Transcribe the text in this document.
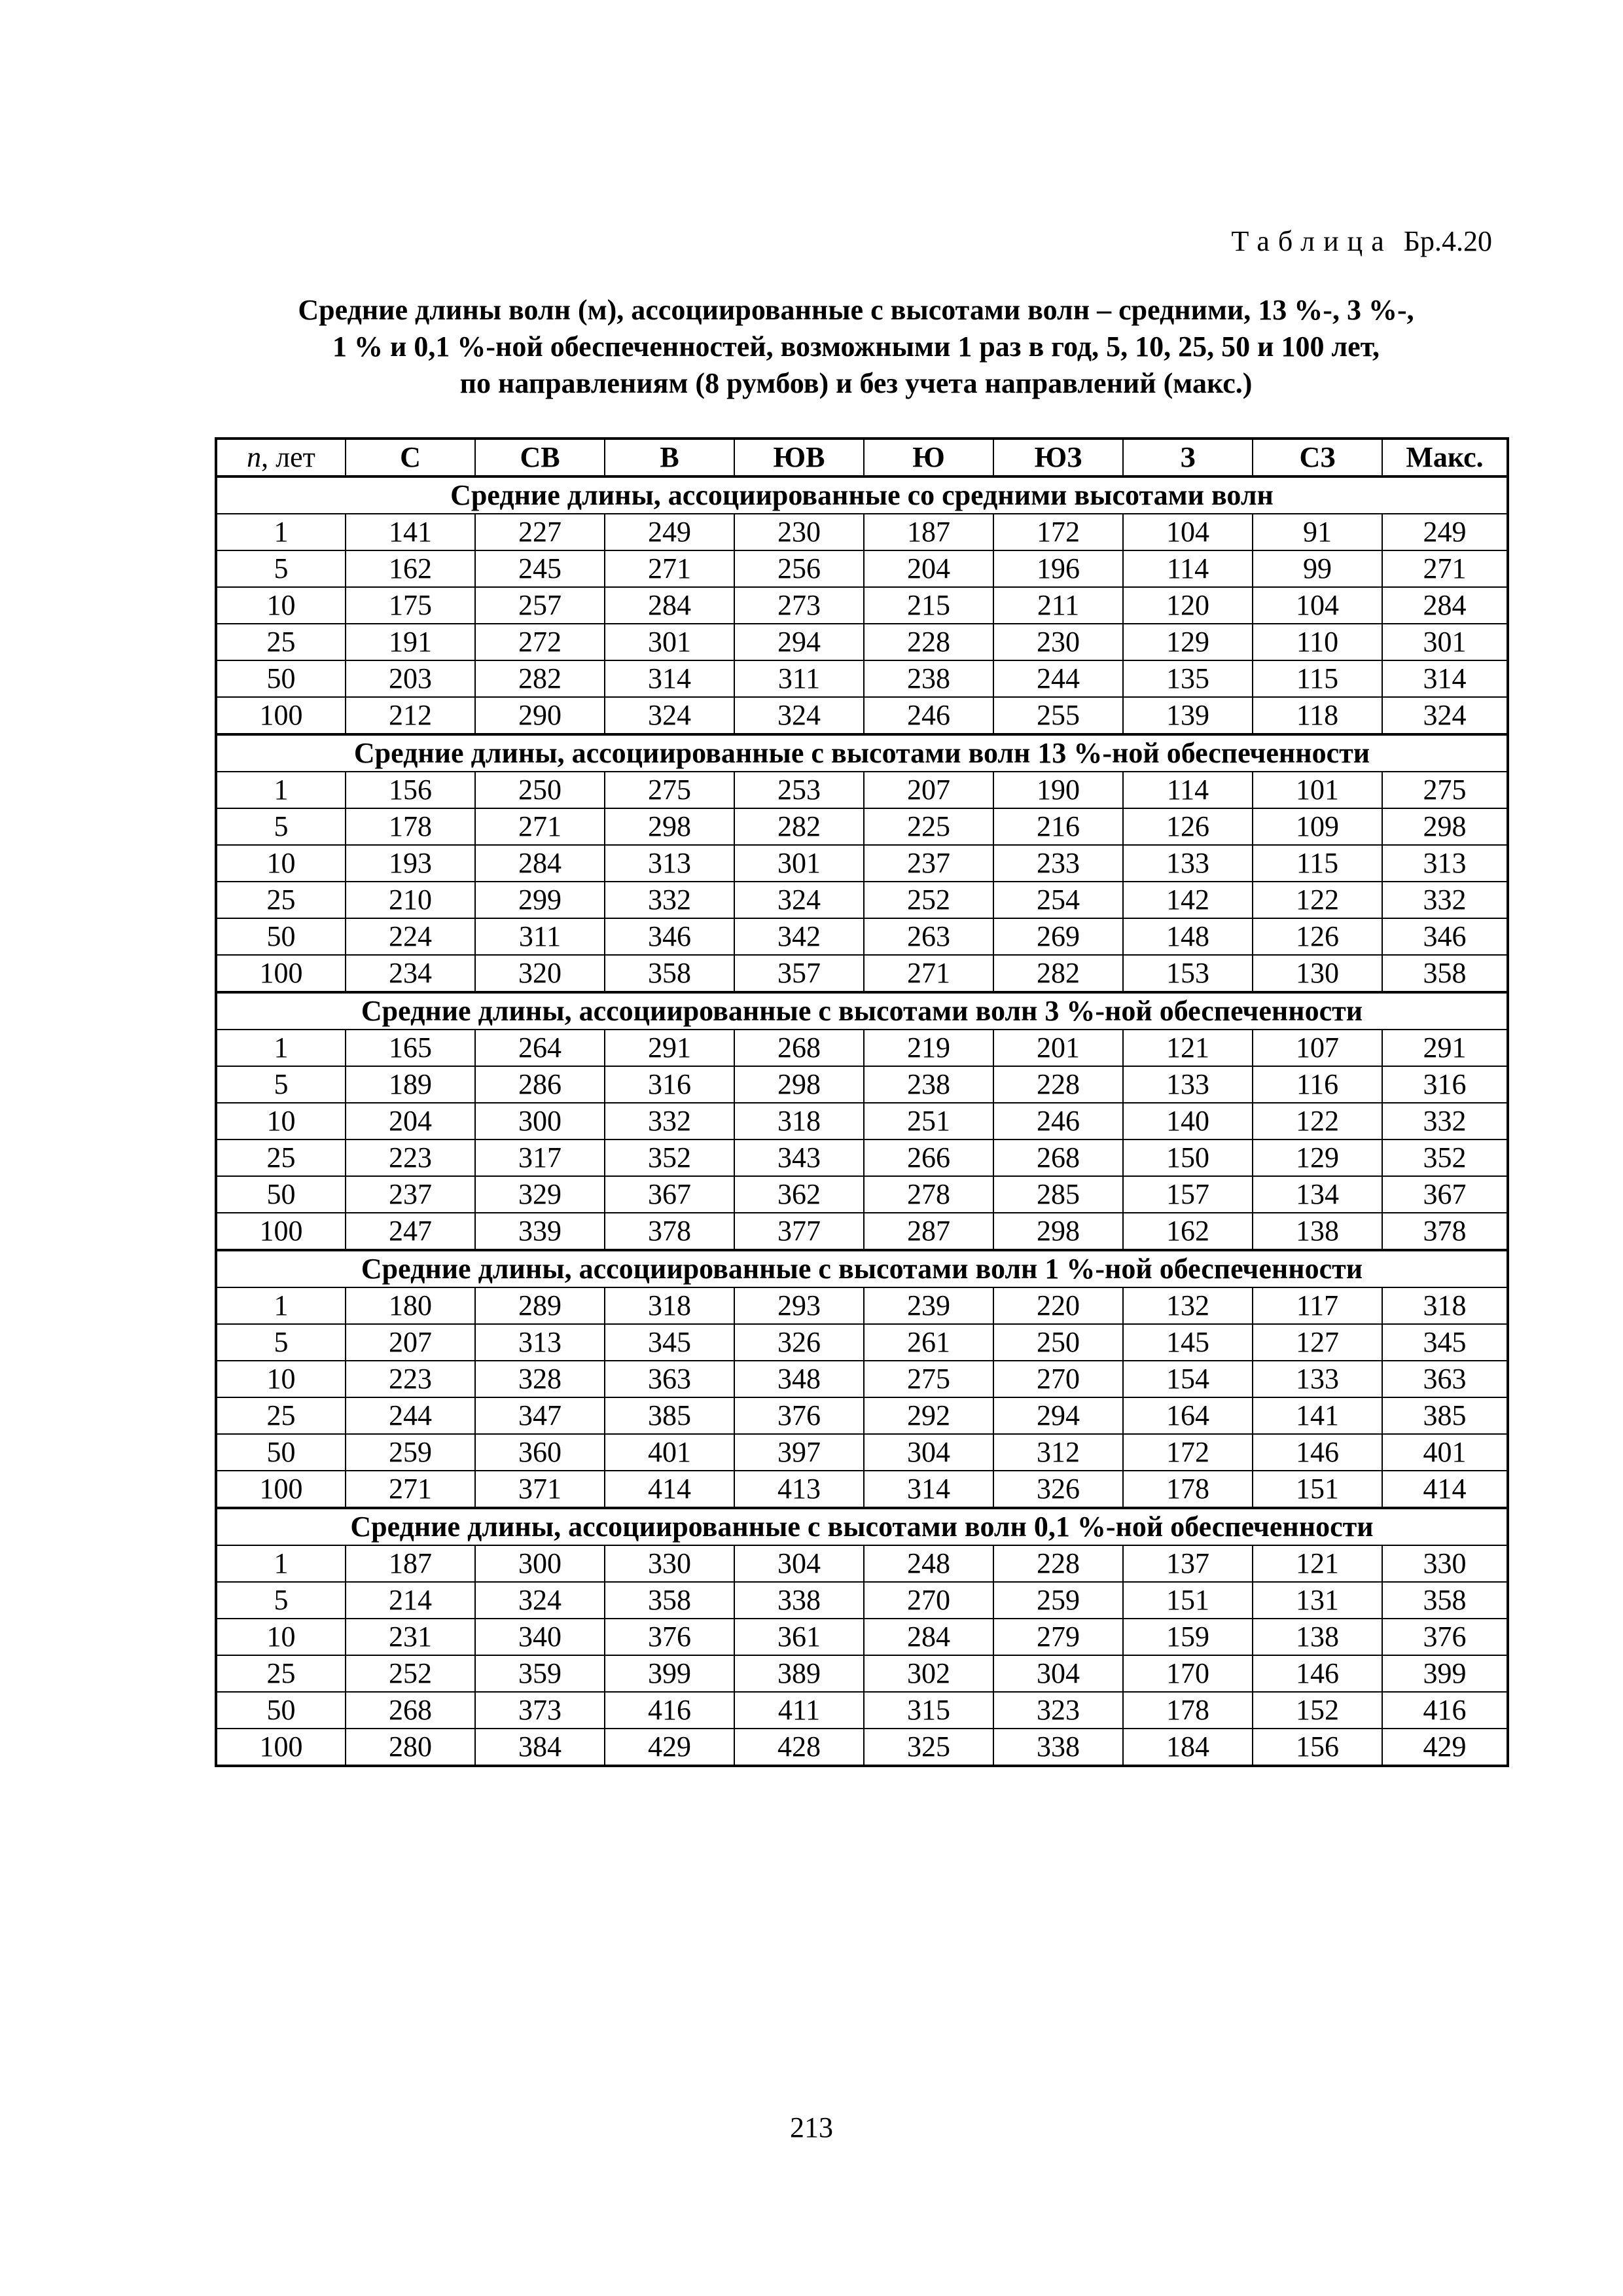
Таблица Бр.4.20
Средние длины волн (м), ассоциированные с высотами волн – средними, 13 %-, 3 %-,
1 % и 0,1 %-ной обеспеченностей, возможными 1 раз в год, 5, 10, 25, 50 и 100 лет,
по направлениям (8 румбов) и без учета направлений (макс.)
n, лет	С	СВ	В	ЮВ	Ю	ЮЗ	З	СЗ	Макс.
Средние длины, ассоциированные со средними высотами волн									
1	141	227	249	230	187	172	104	91	249
5	162	245	271	256	204	196	114	99	271
10	175	257	284	273	215	211	120	104	284
25	191	272	301	294	228	230	129	110	301
50	203	282	314	311	238	244	135	115	314
100	212	290	324	324	246	255	139	118	324
Средние длины, ассоциированные с высотами волн 13 %-ной обеспеченности									
1	156	250	275	253	207	190	114	101	275
5	178	271	298	282	225	216	126	109	298
10	193	284	313	301	237	233	133	115	313
25	210	299	332	324	252	254	142	122	332
50	224	311	346	342	263	269	148	126	346
100	234	320	358	357	271	282	153	130	358
Средние длины, ассоциированные с высотами волн 3 %-ной обеспеченности									
1	165	264	291	268	219	201	121	107	291
5	189	286	316	298	238	228	133	116	316
10	204	300	332	318	251	246	140	122	332
25	223	317	352	343	266	268	150	129	352
50	237	329	367	362	278	285	157	134	367
100	247	339	378	377	287	298	162	138	378
Средние длины, ассоциированные с высотами волн 1 %-ной обеспеченности									
1	180	289	318	293	239	220	132	117	318
5	207	313	345	326	261	250	145	127	345
10	223	328	363	348	275	270	154	133	363
25	244	347	385	376	292	294	164	141	385
50	259	360	401	397	304	312	172	146	401
100	271	371	414	413	314	326	178	151	414
Средние длины, ассоциированные с высотами волн 0,1 %-ной обеспеченности									
1	187	300	330	304	248	228	137	121	330
5	214	324	358	338	270	259	151	131	358
10	231	340	376	361	284	279	159	138	376
25	252	359	399	389	302	304	170	146	399
50	268	373	416	411	315	323	178	152	416
100	280	384	429	428	325	338	184	156	429
213
